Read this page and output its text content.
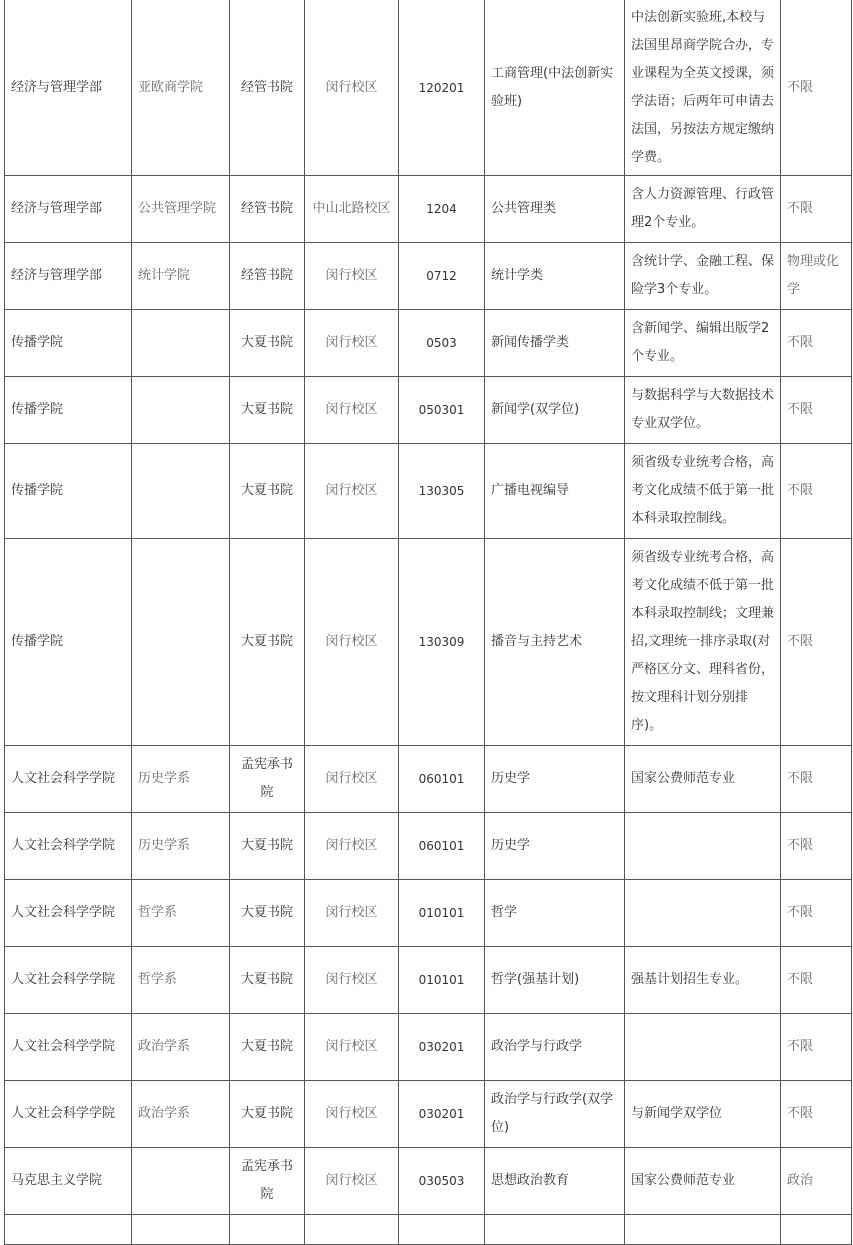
经济与管理学部	亚欧商学院	经管书院	闵行校区	120201	工商管理(中法创新实验班)	中法创新实验班,本校与法国里昂商学院合办，专业课程为全英文授课，须学法语；后两年可申请去法国，另按法方规定缴纳学费。	不限
经济与管理学部	公共管理学院	经管书院	中山北路校区	1204	公共管理类	含人力资源管理、行政管理2个专业。	不限
经济与管理学部	统计学院	经管书院	闵行校区	0712	统计学类	含统计学、金融工程、保险学3个专业。	物理或化学
传播学院		大夏书院	闵行校区	0503	新闻传播学类	含新闻学、编辑出版学2个专业。	不限
传播学院		大夏书院	闵行校区	050301	新闻学(双学位)	与数据科学与大数据技术专业双学位。	不限
传播学院		大夏书院	闵行校区	130305	广播电视编导	须省级专业统考合格，高考文化成绩不低于第一批本科录取控制线。	不限
传播学院		大夏书院	闵行校区	130309	播音与主持艺术	须省级专业统考合格，高考文化成绩不低于第一批本科录取控制线；文理兼招,文理统一排序录取(对严格区分文、理科省份，按文理科计划分别排序)。	不限
人文社会科学学院	历史学系	孟宪承书院	闵行校区	060101	历史学	国家公费师范专业	不限
人文社会科学学院	历史学系	大夏书院	闵行校区	060101	历史学		不限
人文社会科学学院	哲学系	大夏书院	闵行校区	010101	哲学		不限
人文社会科学学院	哲学系	大夏书院	闵行校区	010101	哲学(强基计划)	强基计划招生专业。	不限
人文社会科学学院	政治学系	大夏书院	闵行校区	030201	政治学与行政学		不限
人文社会科学学院	政治学系	大夏书院	闵行校区	030201	政治学与行政学(双学位)	与新闻学双学位	不限
马克思主义学院		孟宪承书院	闵行校区	030503	思想政治教育	国家公费师范专业	政治
